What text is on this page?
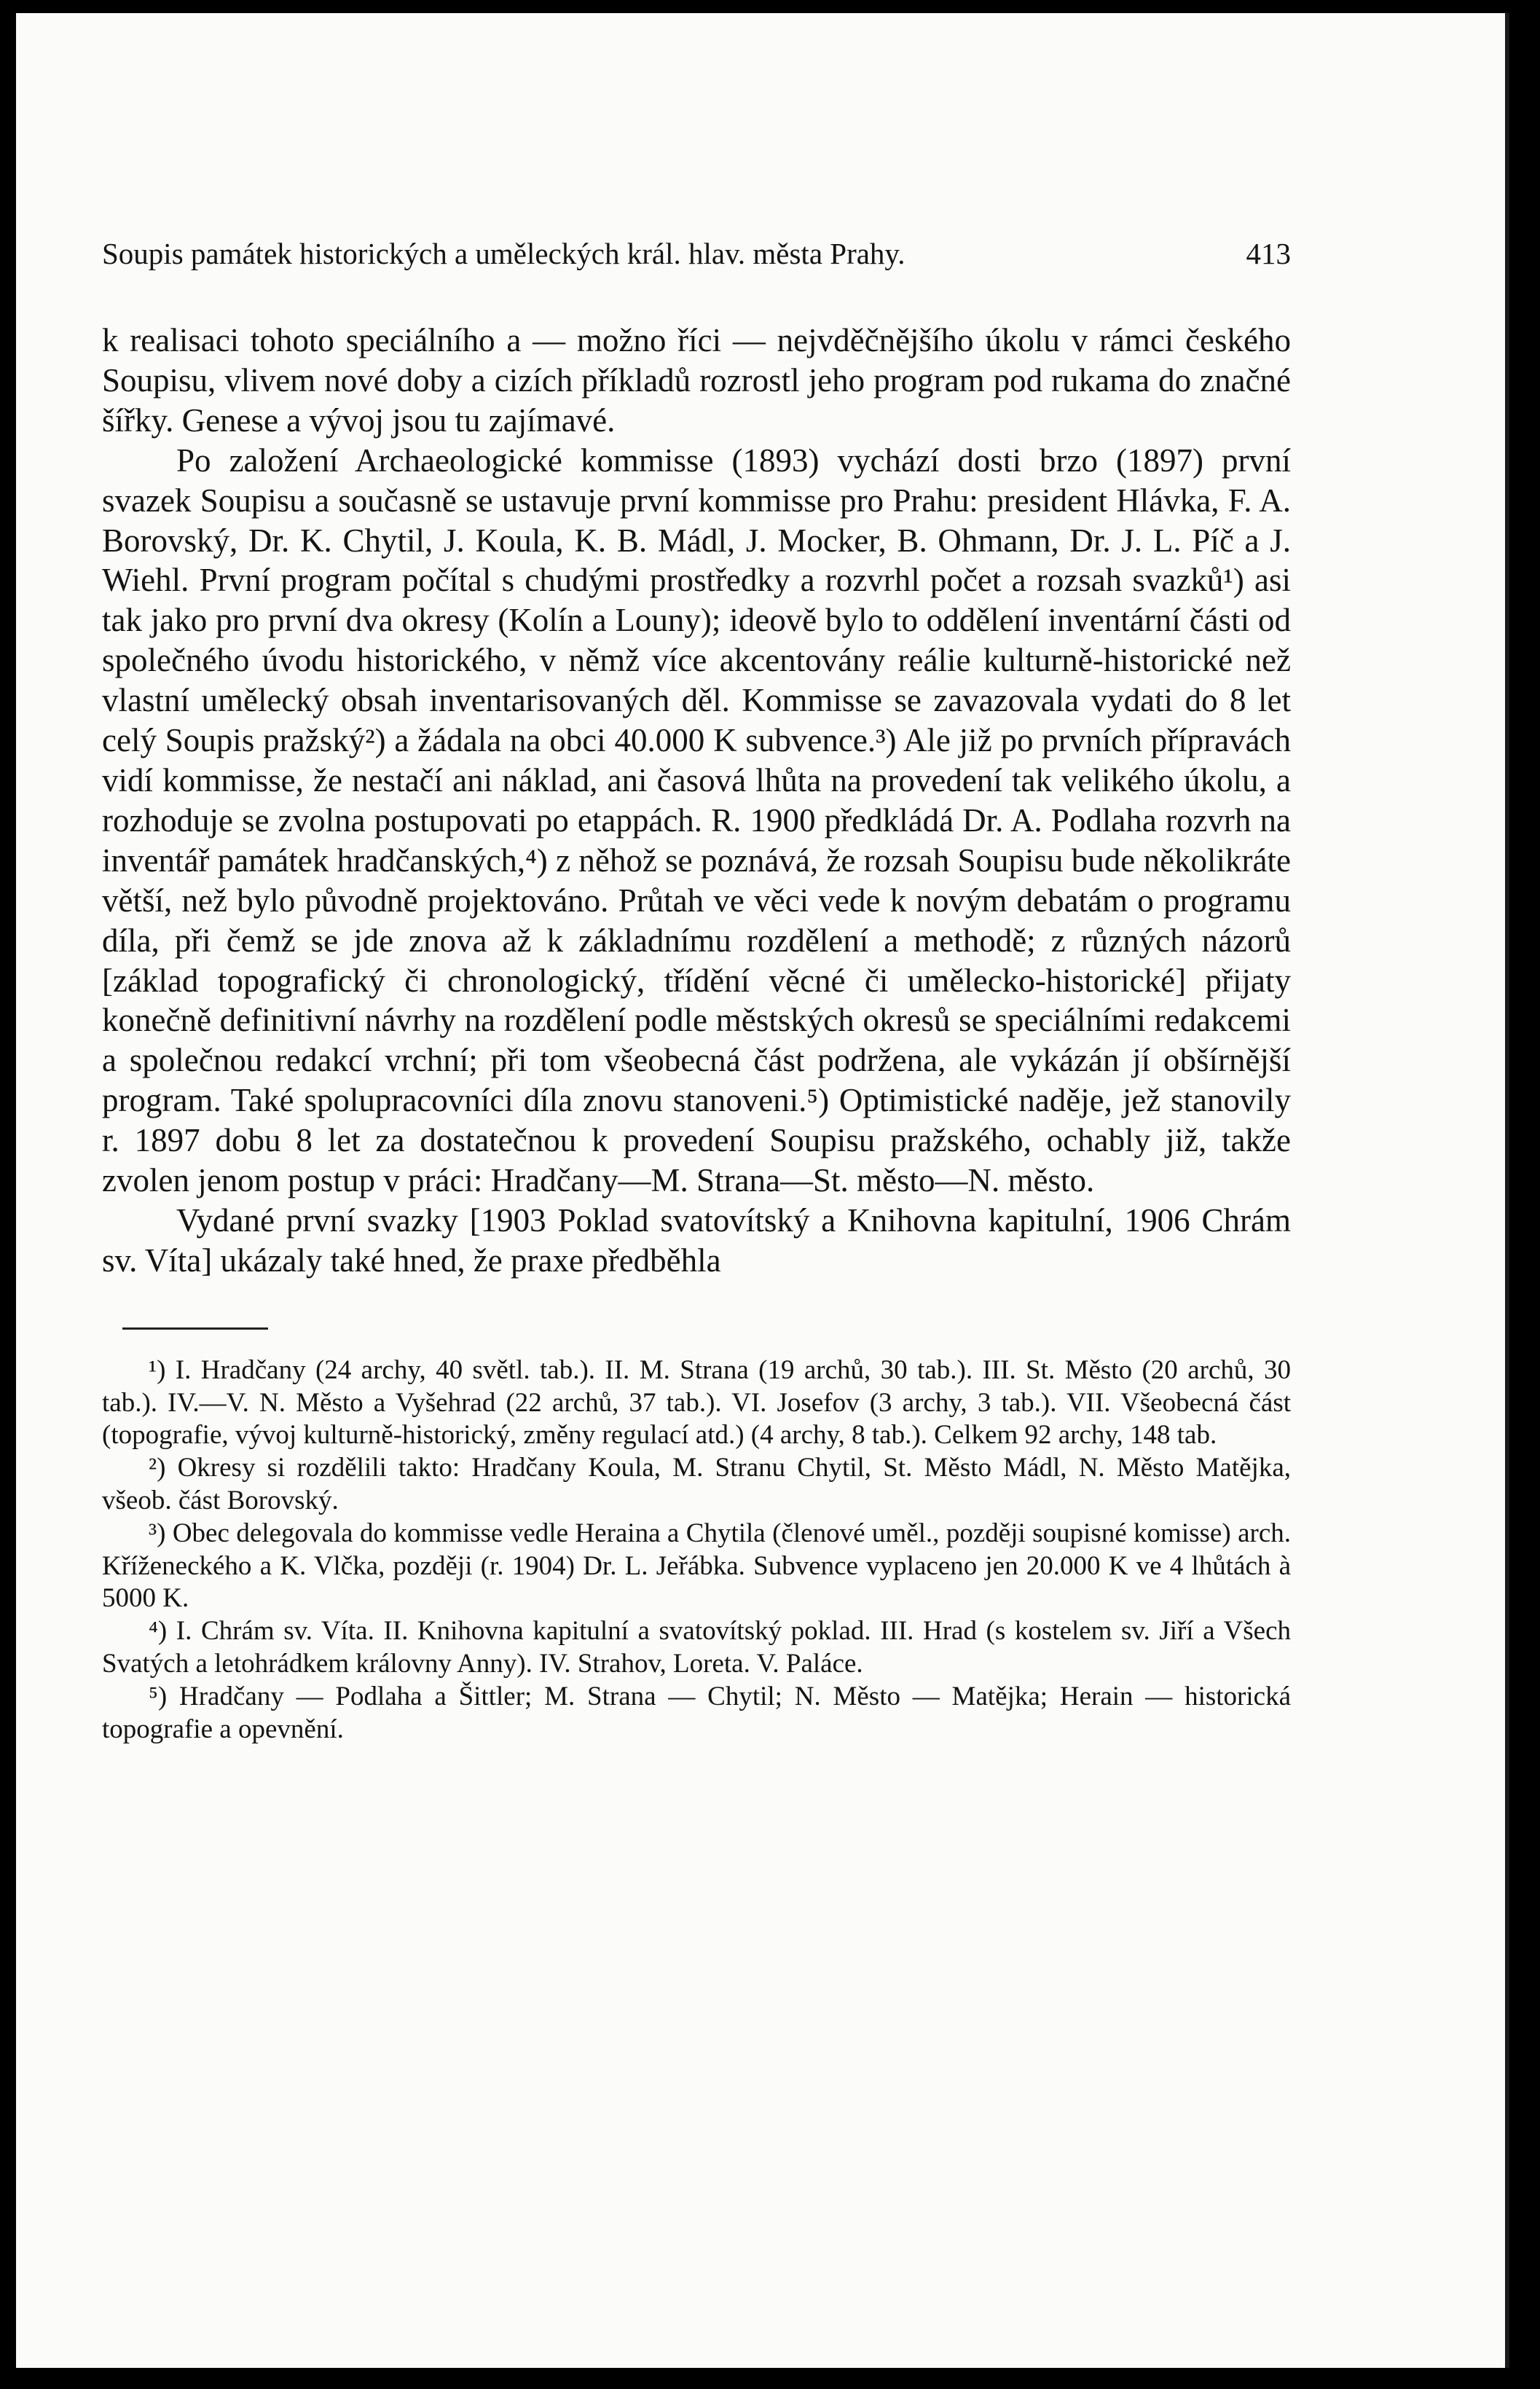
Soupis památek historických a uměleckých král. hlav. města Prahy.	413

k realisaci tohoto speciálního a — možno říci — nejvděčnějšího úkolu v rámci českého Soupisu, vlivem nové doby a cizích příkladů rozrostl jeho program pod rukama do značné šířky. Genese a vývoj jsou tu zajímavé.

Po založení Archaeologické kommisse (1893) vychází dosti brzo (1897) první svazek Soupisu a současně se ustavuje první kommisse pro Prahu: president Hlávka, F. A. Borovský, Dr. K. Chytil, J. Koula, K. B. Mádl, J. Mocker, B. Ohmann, Dr. J. L. Píč a J. Wiehl. První program počítal s chudými prostředky a rozvrhl počet a rozsah svazků¹) asi tak jako pro první dva okresy (Kolín a Louny); ideově bylo to oddělení inventární části od společného úvodu historického, v němž více akcentovány reálie kulturně-historické než vlastní umělecký obsah inventarisovaných děl. Kommisse se zavazovala vydati do 8 let celý Soupis pražský²) a žádala na obci 40.000 K subvence.³) Ale již po prvních přípravách vidí kommisse, že nestačí ani náklad, ani časová lhůta na provedení tak velikého úkolu, a rozhoduje se zvolna postupovati po etappách. R. 1900 předkládá Dr. A. Podlaha rozvrh na inventář památek hradčanských,⁴) z něhož se poznává, že rozsah Soupisu bude několikráte větší, než bylo původně projektováno. Průtah ve věci vede k novým debatám o programu díla, při čemž se jde znova až k základnímu rozdělení a methodě; z různých názorů [základ topografický či chronologický, třídění věcné či umělecko-historické] přijaty konečně definitivní návrhy na rozdělení podle městských okresů se speciálními redakcemi a společnou redakcí vrchní; při tom všeobecná část podržena, ale vykázán jí obšírnější program. Také spolupracovníci díla znovu stanoveni.⁵) Optimistické naděje, jež stanovily r. 1897 dobu 8 let za dostatečnou k provedení Soupisu pražského, ochably již, takže zvolen jenom postup v práci: Hradčany—M. Strana—St. město—N. město.

Vydané první svazky [1903 Poklad svatovítský a Knihovna kapitulní, 1906 Chrám sv. Víta] ukázaly také hned, že praxe předběhla

¹) I. Hradčany (24 archy, 40 světl. tab.). II. M. Strana (19 archů, 30 tab.). III. St. Město (20 archů, 30 tab.). IV.—V. N. Město a Vyšehrad (22 archů, 37 tab.). VI. Josefov (3 archy, 3 tab.). VII. Všeobecná část (topografie, vývoj kulturně-historický, změny regulací atd.) (4 archy, 8 tab.). Celkem 92 archy, 148 tab.

²) Okresy si rozdělili takto: Hradčany Koula, M. Stranu Chytil, St. Město Mádl, N. Město Matějka, všeob. část Borovský.

³) Obec delegovala do kommisse vedle Heraina a Chytila (členové uměl., později soupisné komisse) arch. Kříženeckého a K. Vlčka, později (r. 1904) Dr. L. Jeřábka. Subvence vyplaceno jen 20.000 K ve 4 lhůtách à 5000 K.

⁴) I. Chrám sv. Víta. II. Knihovna kapitulní a svatovítský poklad. III. Hrad (s kostelem sv. Jiří a Všech Svatých a letohrádkem královny Anny). IV. Strahov, Loreta. V. Paláce.

⁵) Hradčany — Podlaha a Šittler; M. Strana — Chytil; N. Město — Matějka; Herain — historická topografie a opevnění.
